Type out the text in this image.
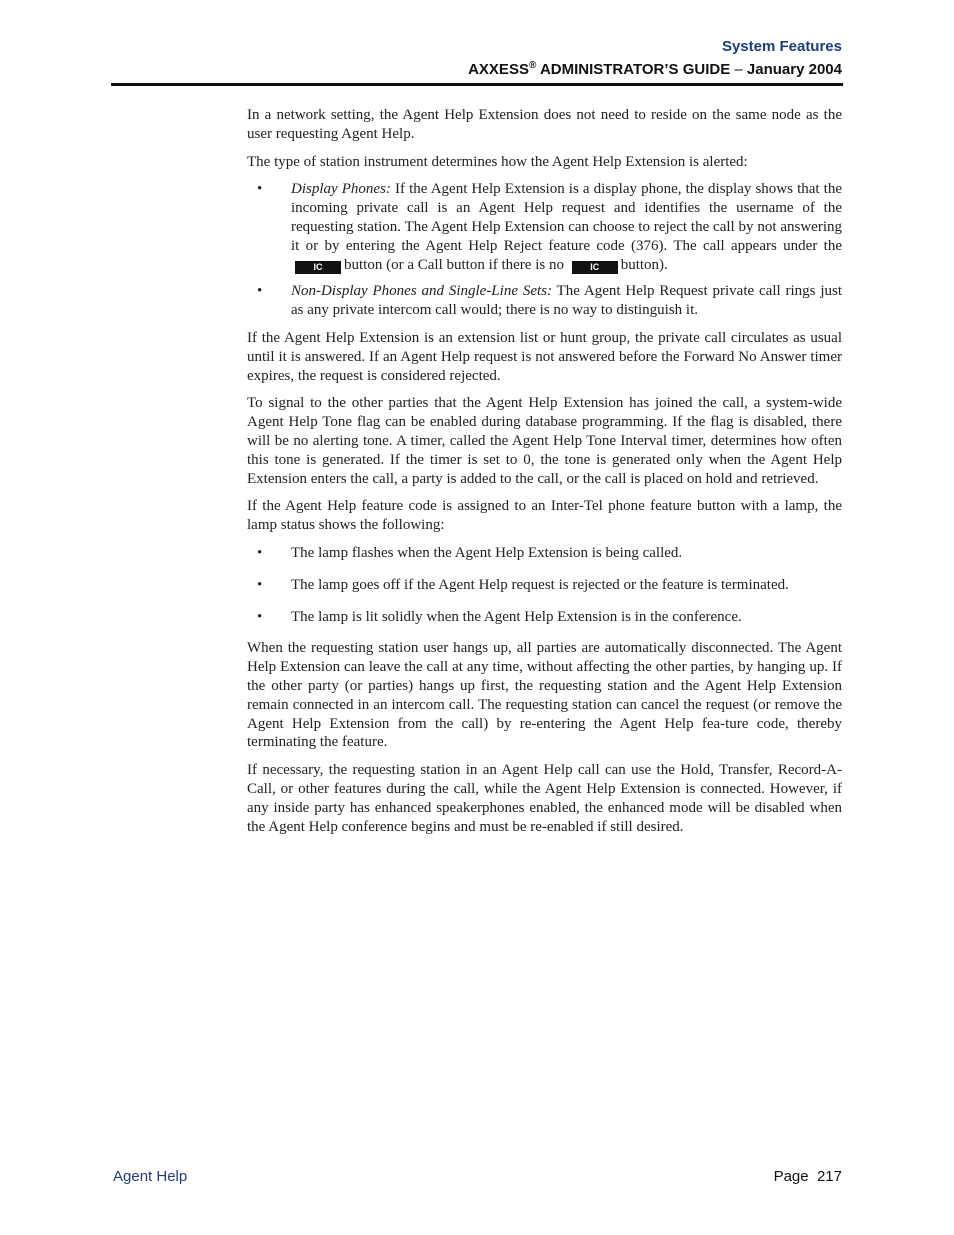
System Features
AXXESS® ADMINISTRATOR’S GUIDE – January 2004

In a network setting, the Agent Help Extension does not need to reside on the same node as the user requesting Agent Help.

The type of station instrument determines how the Agent Help Extension is alerted:

• Display Phones: If the Agent Help Extension is a display phone, the display shows that the incoming private call is an Agent Help request and identifies the username of the requesting station. The Agent Help Extension can choose to reject the call by not answering it or by entering the Agent Help Reject feature code (376). The call appears under the IC button (or a Call button if there is no	IC button).
• Non-Display Phones and Single-Line Sets: The Agent Help Request private call rings just as any private intercom call would; there is no way to distinguish it.

If the Agent Help Extension is an extension list or hunt group, the private call circulates as usual until it is answered. If an Agent Help request is not answered before the Forward No Answer timer expires, the request is considered rejected.

To signal to the other parties that the Agent Help Extension has joined the call, a system-wide Agent Help Tone flag can be enabled during database programming. If the flag is disabled, there will be no alerting tone. A timer, called the Agent Help Tone Interval timer, determines how often this tone is generated. If the timer is set to 0, the tone is generated only when the Agent Help Extension enters the call, a party is added to the call, or the call is placed on hold and retrieved.

If the Agent Help feature code is assigned to an Inter-Tel phone feature button with a lamp, the lamp status shows the following:

• The lamp flashes when the Agent Help Extension is being called.
• The lamp goes off if the Agent Help request is rejected or the feature is terminated.
• The lamp is lit solidly when the Agent Help Extension is in the conference.

When the requesting station user hangs up, all parties are automatically disconnected. The Agent Help Extension can leave the call at any time, without affecting the other parties, by hanging up. If the other party (or parties) hangs up first, the requesting station and the Agent Help Extension remain connected in an intercom call. The requesting station can cancel the request (or remove the Agent Help Extension from the call) by re-entering the Agent Help fea-ture code, thereby terminating the feature.

If necessary, the requesting station in an Agent Help call can use the Hold, Transfer, Record-A-Call, or other features during the call, while the Agent Help Extension is connected. However, if any inside party has enhanced speakerphones enabled, the enhanced mode will be disabled when the Agent Help conference begins and must be re-enabled if still desired.

Agent Help	Page 217
